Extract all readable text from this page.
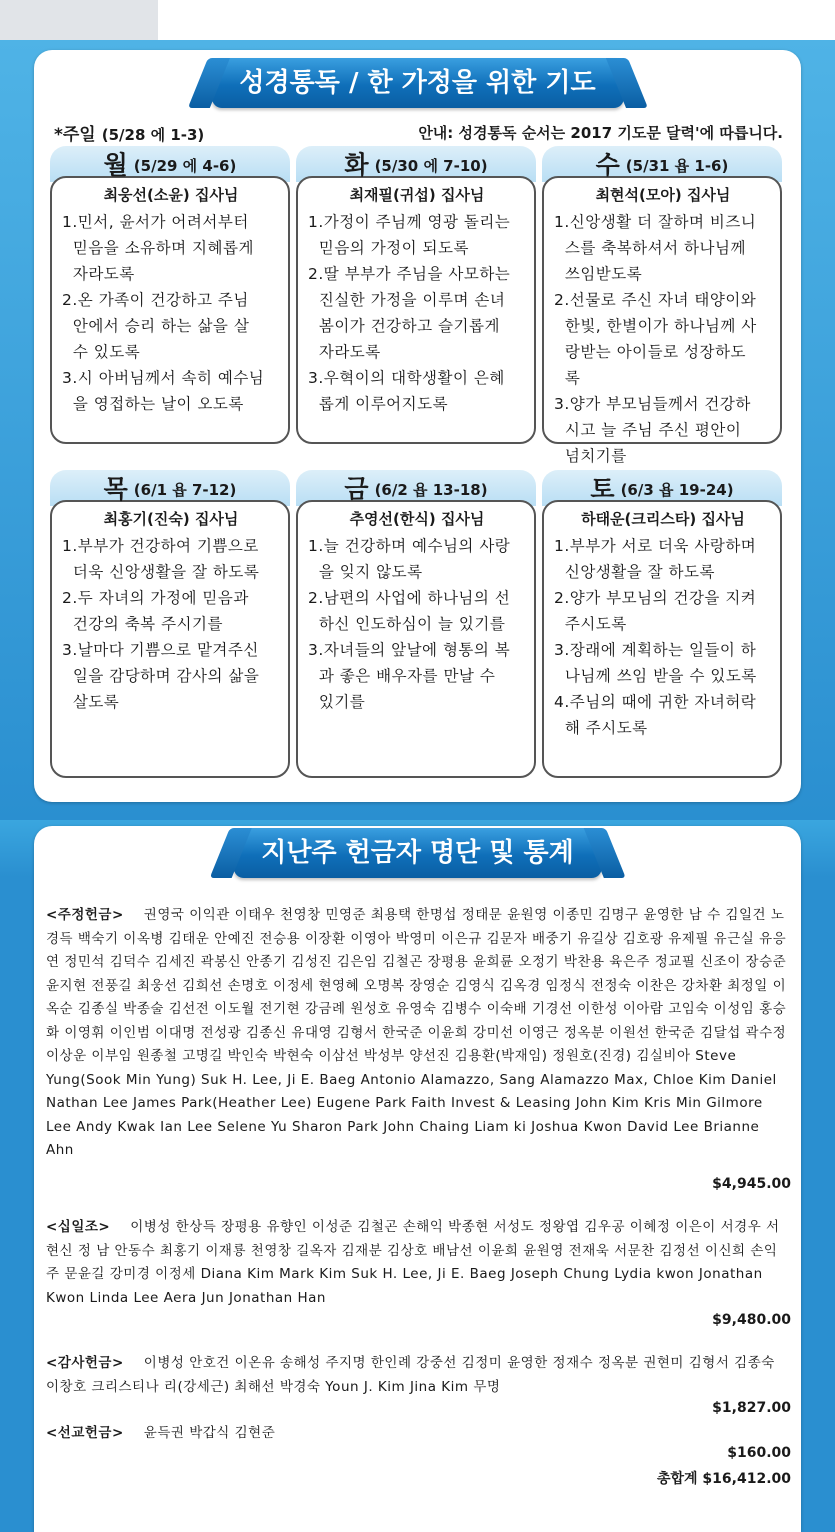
성경통독 / 한 가정을 위한 기도
*주일 (5/28 에 1-3)	안내: 성경통독 순서는 2017 기도문 달력'에 따릅니다.
월 (5/29 에 4-6)
최웅선(소윤) 집사님
1.민서, 윤서가 어려서부터
믿음을 소유하며 지혜롭게
자라도록
2.온 가족이 건강하고 주님
안에서 승리 하는 삶을 살
수 있도록
3.시 아버님께서 속히 예수님
을 영접하는 날이 오도록
화 (5/30 에 7-10)
최재필(귀섭) 집사님
1.가정이 주님께 영광 돌리는
믿음의 가정이 되도록
2.딸 부부가 주님을 사모하는
진실한 가정을 이루며 손녀
봄이가 건강하고 슬기롭게
자라도록
3.우혁이의 대학생활이 은혜
롭게 이루어지도록
수 (5/31 욥 1-6)
최현석(모아) 집사님
1.신앙생활 더 잘하며 비즈니
스를 축복하셔서 하나님께
쓰임받도록
2.선물로 주신 자녀 태양이와
한빛, 한별이가 하나님께 사
랑받는 아이들로 성장하도
록
3.양가 부모님들께서 건강하
시고 늘 주님 주신 평안이
넘치기를
목 (6/1 욥 7-12)
최홍기(진숙) 집사님
1.부부가 건강하여 기쁨으로
더욱 신앙생활을 잘 하도록
2.두 자녀의 가정에 믿음과
건강의 축복 주시기를
3.날마다 기쁨으로 맡겨주신
일을 감당하며 감사의 삶을
살도록
금 (6/2 욥 13-18)
추영선(한식) 집사님
1.늘 건강하며 예수님의 사랑
을 잊지 않도록
2.남편의 사업에 하나님의 선
하신 인도하심이 늘 있기를
3.자녀들의 앞날에 형통의 복
과 좋은 배우자를 만날 수
있기를
토 (6/3 욥 19-24)
하태운(크리스타) 집사님
1.부부가 서로 더욱 사랑하며
신앙생활을 잘 하도록
2.양가 부모님의 건강을 지켜
주시도록
3.장래에 계획하는 일들이 하
나님께 쓰임 받을 수 있도록
4.주님의 때에 귀한 자녀허락
해 주시도록
지난주 헌금자 명단 및 통계
<주정헌금> 권영국 이익관 이태우 천영창 민영준 최용택 한명섭 정태문 윤원영 이종민 김명구 윤영한 남 수 김일건 노경득 백숙기 이옥병 김태운 안예진 전승용 이장환 이영아 박영미 이은규 김문자 배중기 유길상 김호광 유제필 유근실 유응연 정민석 김덕수 김세진 곽봉신 안종기 김성진 김은임 김철곤 장평용 윤희륜 오정기 박찬용 육은주 정교필 신조이 장승준 윤지현 전풍길 최웅선 김희선 손명호 이정세 현영혜 오명복 장영순 김영식 김옥경 임정식 전정숙 이찬은 강차환 최정일 이옥순 김종실 박종술 김선전 이도월 전기현 강금례 원성호 유영숙 김병수 이숙배 기경선 이한성 이아람 고임숙 이성임 홍승화 이영휘 이인범 이대명 전성광 김종신 유대영 김형서 한국준 이윤희 강미선 이영근 정옥분 이원선 한국준 김달섭 곽수정 이상운 이부임 원종철 고명길 박인숙 박현숙 이삼선 박성부 양선진 김용환(박재임) 정원호(진경) 김실비아 Steve Yung(Sook Min Yung) Suk H. Lee, Ji E. Baeg Antonio Alamazzo, Sang Alamazzo Max, Chloe Kim Daniel Nathan Lee James Park(Heather Lee) Eugene Park Faith Invest & Leasing John Kim Kris Min Gilmore Lee Andy Kwak Ian Lee Selene Yu Sharon Park John Chaing Liam ki Joshua Kwon David Lee Brianne Ahn
$4,945.00
<십일조> 이병성 한상득 장평용 유향인 이성준 김철곤 손해익 박종현 서성도 정왕엽 김우공 이혜정 이은이 서경우 서현신 정 남 안동수 최홍기 이재룡 천영창 길옥자 김재분 김상호 배남선 이윤희 윤원영 전재욱 서문찬 김정선 이신희 손익주 문윤길 강미경 이정세 Diana Kim Mark Kim Suk H. Lee, Ji E. Baeg Joseph Chung Lydia kwon Jonathan Kwon Linda Lee Aera Jun Jonathan Han
$9,480.00
<감사헌금> 이병성 안호건 이온유 송해성 주지명 한인례 강중선 김정미 윤영한 정재수 정옥분 권현미 김형서 김종숙 이창호 크리스티나 리(강세근) 최해선 박경숙 Youn J. Kim Jina Kim 무명
$1,827.00
<선교헌금> 윤득권 박갑식 김현준
$160.00
총합계 $16,412.00
